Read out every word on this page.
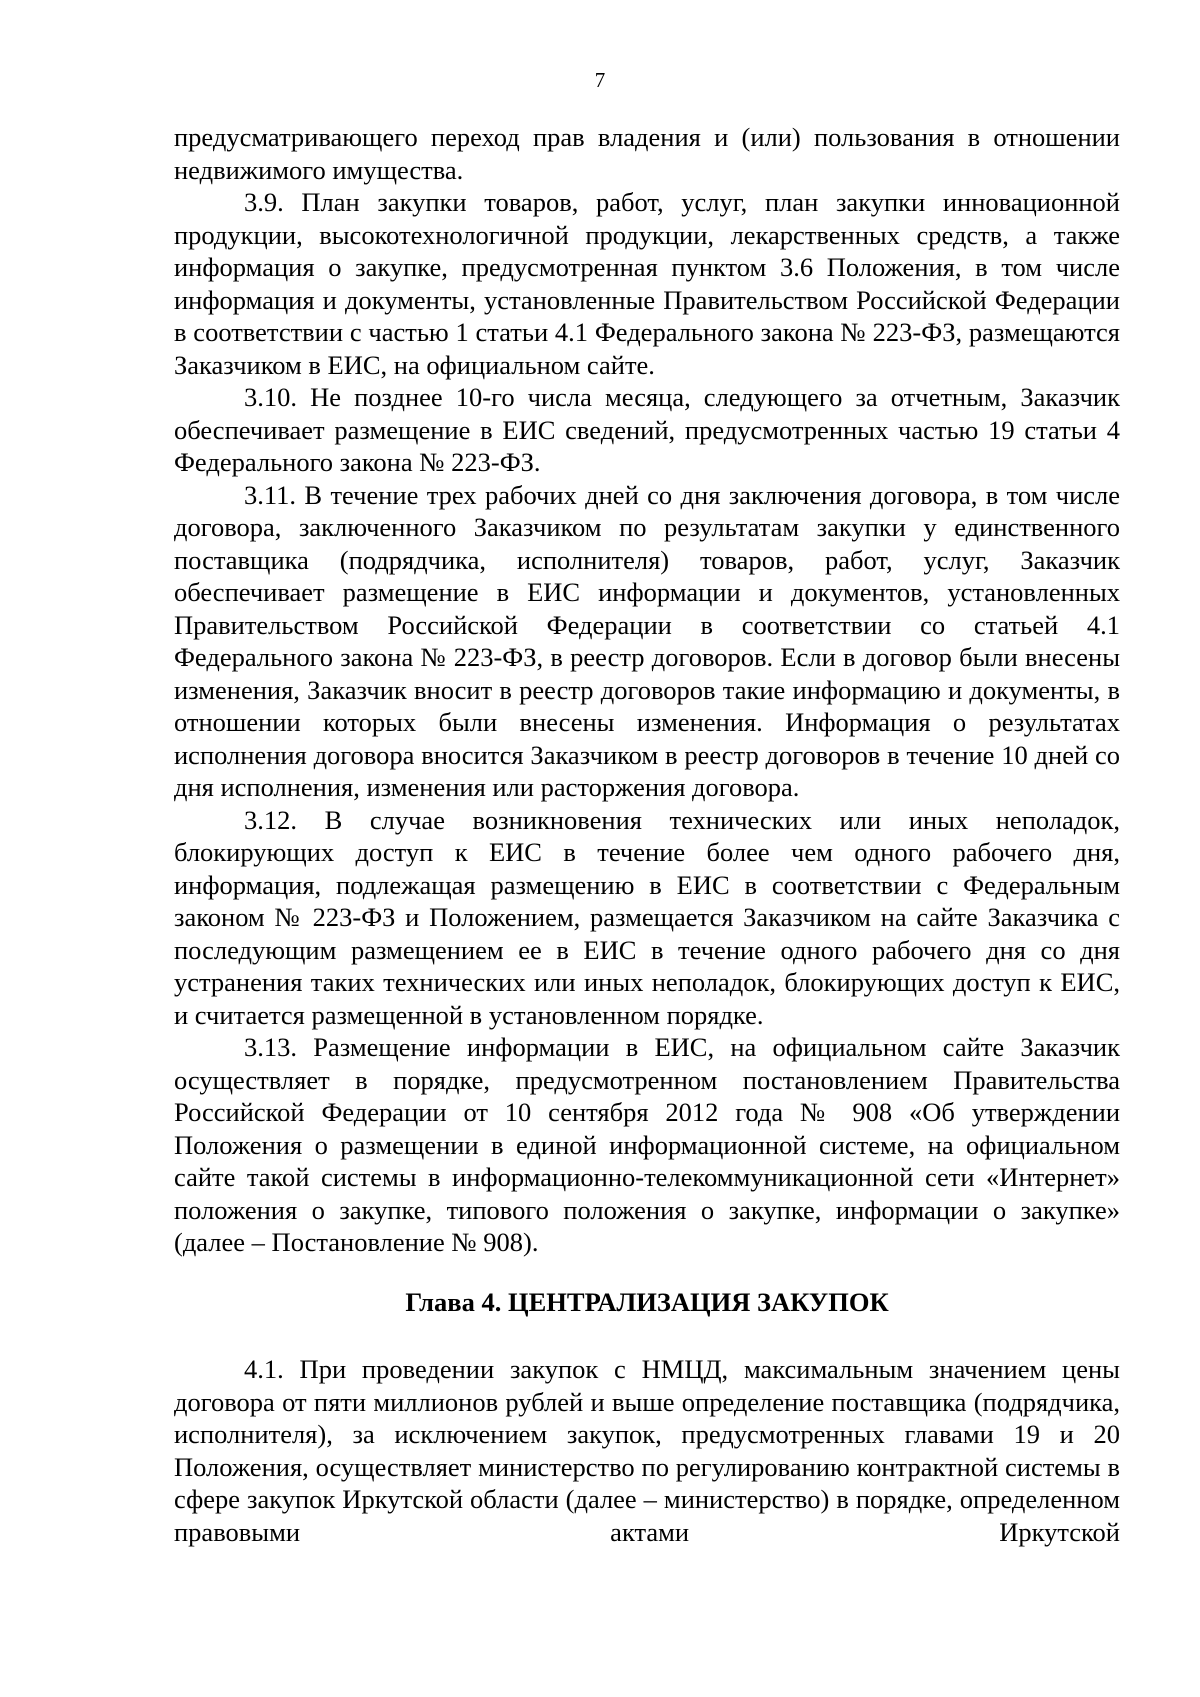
7

предусматривающего переход прав владения и (или) пользования в отношении недвижимого имущества.

3.9. План закупки товаров, работ, услуг, план закупки инновационной продукции, высокотехнологичной продукции, лекарственных средств, а также информация о закупке, предусмотренная пунктом 3.6 Положения, в том числе информация и документы, установленные Правительством Российской Федерации в соответствии с частью 1 статьи 4.1 Федерального закона № 223-ФЗ, размещаются Заказчиком в ЕИС, на официальном сайте.

3.10. Не позднее 10-го числа месяца, следующего за отчетным, Заказчик обеспечивает размещение в ЕИС сведений, предусмотренных частью 19 статьи 4 Федерального закона № 223-ФЗ.

3.11. В течение трех рабочих дней со дня заключения договора, в том числе договора, заключенного Заказчиком по результатам закупки у единственного поставщика (подрядчика, исполнителя) товаров, работ, услуг, Заказчик обеспечивает размещение в ЕИС информации и документов, установленных Правительством Российской Федерации в соответствии со статьей 4.1 Федерального закона № 223-ФЗ, в реестр договоров. Если в договор были внесены изменения, Заказчик вносит в реестр договоров такие информацию и документы, в отношении которых были внесены изменения. Информация о результатах исполнения договора вносится Заказчиком в реестр договоров в течение 10 дней со дня исполнения, изменения или расторжения договора.

3.12. В случае возникновения технических или иных неполадок, блокирующих доступ к ЕИС в течение более чем одного рабочего дня, информация, подлежащая размещению в ЕИС в соответствии с Федеральным законом № 223-ФЗ и Положением, размещается Заказчиком на сайте Заказчика с последующим размещением ее в ЕИС в течение одного рабочего дня со дня устранения таких технических или иных неполадок, блокирующих доступ к ЕИС, и считается размещенной в установленном порядке.

3.13. Размещение информации в ЕИС, на официальном сайте Заказчик осуществляет в порядке, предусмотренном постановлением Правительства Российской Федерации от 10 сентября 2012 года № 908 «Об утверждении Положения о размещении в единой информационной системе, на официальном сайте такой системы в информационно-телекоммуникационной сети «Интернет» положения о закупке, типового положения о закупке, информации о закупке» (далее – Постановление № 908).

Глава 4. ЦЕНТРАЛИЗАЦИЯ ЗАКУПОК

4.1. При проведении закупок с НМЦД, максимальным значением цены договора от пяти миллионов рублей и выше определение поставщика (подрядчика, исполнителя), за исключением закупок, предусмотренных главами 19 и 20 Положения, осуществляет министерство по регулированию контрактной системы в сфере закупок Иркутской области (далее – министерство) в порядке, определенном правовыми актами Иркутской
